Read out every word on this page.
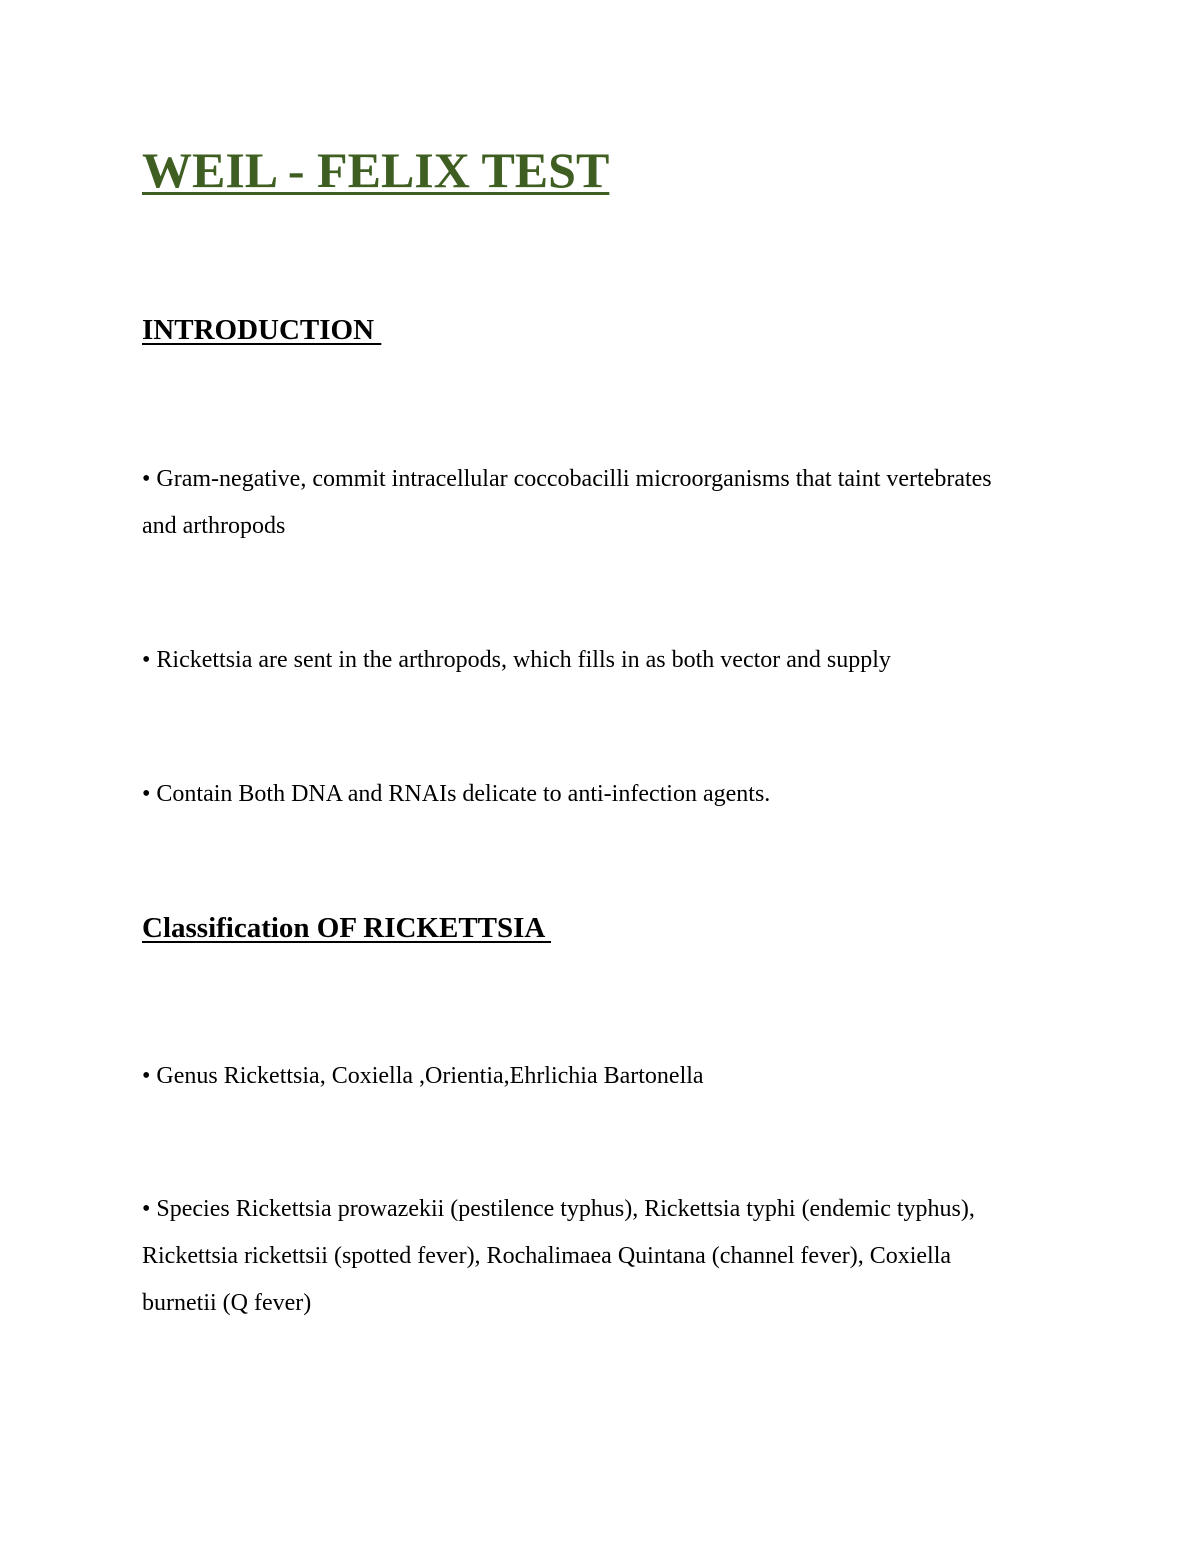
WEIL - FELIX TEST
INTRODUCTION

• Gram-negative, commit intracellular coccobacilli microorganisms that taint vertebrates and arthropods

• Rickettsia are sent in the arthropods, which fills in as both vector and supply

• Contain Both DNA and RNAIs delicate to anti-infection agents.

Classification OF RICKETTSIA

• Genus Rickettsia, Coxiella ,Orientia,Ehrlichia Bartonella

• Species Rickettsia prowazekii (pestilence typhus), Rickettsia typhi (endemic typhus), Rickettsia rickettsii (spotted fever), Rochalimaea Quintana (channel fever), Coxiella burnetii (Q fever)
